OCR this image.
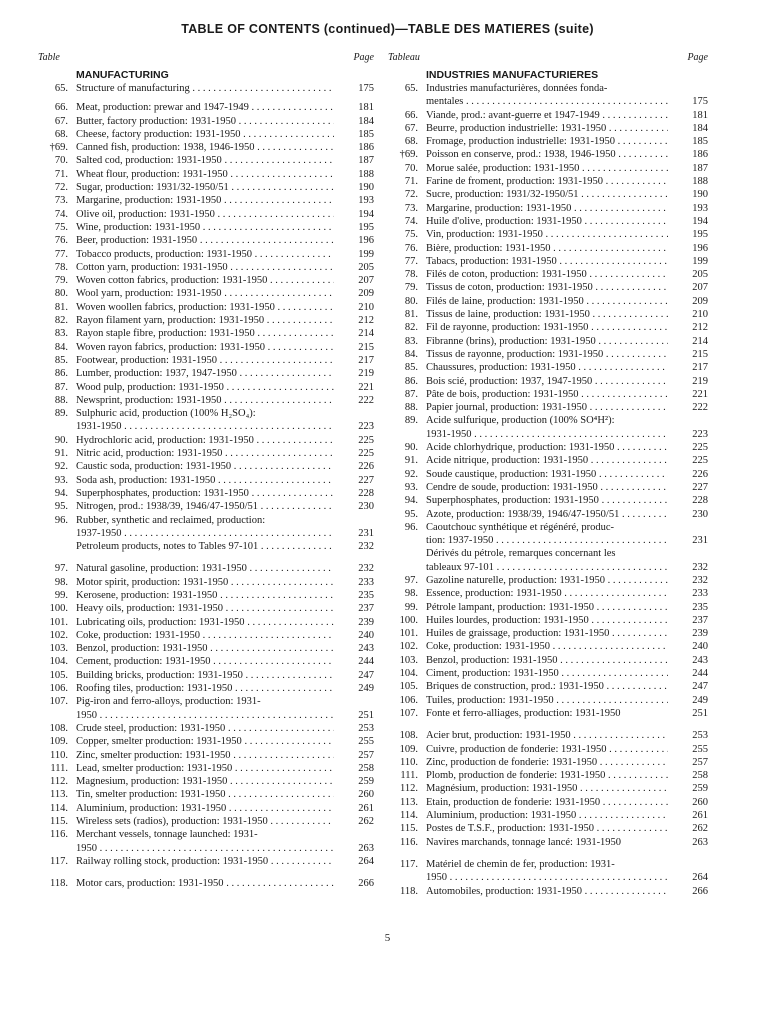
TABLE OF CONTENTS (continued)—TABLE DES MATIERES (suite)
Table	Page
MANUFACTURING
65. Structure of manufacturing . . .	175
66. Meat, production: prewar and 1947-1949 . . .	181
67. Butter, factory production: 1931-1950 . . .	184
68. Cheese, factory production: 1931-1950 . . .	185
†69. Canned fish, production: 1938, 1946-1950 . . .	186
70. Salted cod, production: 1931-1950 . . .	187
71. Wheat flour, production: 1931-1950 . . .	188
72. Sugar, production: 1931/32-1950/51 . . .	190
73. Margarine, production: 1931-1950 . . .	193
74. Olive oil, production: 1931-1950 . . .	194
75. Wine, production: 1931-1950 . . .	195
76. Beer, production: 1931-1950 . . .	196
77. Tobacco products, production: 1931-1950 . . .	199
78. Cotton yarn, production: 1931-1950 . . .	205
79. Woven cotton fabrics, production: 1931-1950 . . .	207
80. Wool yarn, production: 1931-1950 . . .	209
81. Woven woollen fabrics, production: 1931-1950 . . .	210
82. Rayon filament yarn, production: 1931-1950 . . .	212
83. Rayon staple fibre, production: 1931-1950 . . .	214
84. Woven rayon fabrics, production: 1931-1950 . . .	215
85. Footwear, production: 1931-1950 . . .	217
86. Lumber, production: 1937, 1947-1950 . . .	219
87. Wood pulp, production: 1931-1950 . . .	221
88. Newsprint, production: 1931-1950 . . .	222
89. Sulphuric acid, production (100% H₂SO₄):
1931-1950 . . .	223
90. Hydrochloric acid, production: 1931-1950 . . .	225
91. Nitric acid, production: 1931-1950 . . .	225
92. Caustic soda, production: 1931-1950 . . .	226
93. Soda ash, production: 1931-1950 . . .	227
94. Superphosphates, production: 1931-1950 . . .	228
95. Nitrogen, prod.: 1938/39, 1946/47-1950/51 . . .	230
96. Rubber, synthetic and reclaimed, production:
1937-1950 . . .	231
Petroleum products, notes to Tables 97-101 . . .	232
97. Natural gasoline, production: 1931-1950 . . .	232
98. Motor spirit, production: 1931-1950 . . .	233
99. Kerosene, production: 1931-1950 . . .	235
100. Heavy oils, production: 1931-1950 . . .	237
101. Lubricating oils, production: 1931-1950 . . .	239
102. Coke, production: 1931-1950 . . .	240
103. Benzol, production: 1931-1950 . . .	243
104. Cement, production: 1931-1950 . . .	244
105. Building bricks, production: 1931-1950 . . .	247
106. Roofing tiles, production: 1931-1950 . . .	249
107. Pig-iron and ferro-alloys, production: 1931-
1950 . . .	251
108. Crude steel, production: 1931-1950 . . .	253
109. Copper, smelter production: 1931-1950 . . .	255
110. Zinc, smelter production: 1931-1950 . . .	257
111. Lead, smelter production: 1931-1950 . . .	258
112. Magnesium, production: 1931-1950 . . .	259
113. Tin, smelter production: 1931-1950 . . .	260
114. Aluminium, production: 1931-1950 . . .	261
115. Wireless sets (radios), production: 1931-1950 . . .	262
116. Merchant vessels, tonnage launched: 1931-
1950 . . .	263
117. Railway rolling stock, production: 1931-1950 . . .	264
118. Motor cars, production: 1931-1950 . . .	266
Tableau	Page
INDUSTRIES MANUFACTURIERES
65. Industries manufacturières, données fonda-
mentales . . .	175
66. Viande, prod.: avant-guerre et 1947-1949 . . .	181
67. Beurre, production industrielle: 1931-1950 . . .	184
68. Fromage, production industrielle: 1931-1950 . . .	185
†69. Poisson en conserve, prod.: 1938, 1946-1950 . . .	186
70. Morue salée, production: 1931-1950 . . .	187
71. Farine de froment, production: 1931-1950 . . .	188
72. Sucre, production: 1931/32-1950/51 . . .	190
73. Margarine, production: 1931-1950 . . .	193
74. Huile d'olive, production: 1931-1950 . . .	194
75. Vin, production: 1931-1950 . . .	195
76. Bière, production: 1931-1950 . . .	196
77. Tabacs, production: 1931-1950 . . .	199
78. Filés de coton, production: 1931-1950 . . .	205
79. Tissus de coton, production: 1931-1950 . . .	207
80. Filés de laine, production: 1931-1950 . . .	209
81. Tissus de laine, production: 1931-1950 . . .	210
82. Fil de rayonne, production: 1931-1950 . . .	212
83. Fibranne (brins), production: 1931-1950 . . .	214
84. Tissus de rayonne, production: 1931-1950 . . .	215
85. Chaussures, production: 1931-1950 . . .	217
86. Bois scié, production: 1937, 1947-1950 . . .	219
87. Pâte de bois, production: 1931-1950 . . .	221
88. Papier journal, production: 1931-1950 . . .	222
89. Acide sulfurique, production (100% SO⁴H²):
1931-1950 . . .	223
90. Acide chlorhydrique, production: 1931-1950 . . .	225
91. Acide nitrique, production: 1931-1950 . . .	225
92. Soude caustique, production: 1931-1950 . . .	226
93. Cendre de soude, production: 1931-1950 . . .	227
94. Superphosphates, production: 1931-1950 . . .	228
95. Azote, production: 1938/39, 1946/47-1950/51 . . .	230
96. Caoutchouc synthétique et régénéré, produc-
tion: 1937-1950 . . .	231
Dérivés du pétrole, remarques concernant les
tableaux 97-101 . . .	232
97. Gazoline naturelle, production: 1931-1950 . . .	232
98. Essence, production: 1931-1950 . . .	233
99. Pétrole lampant, production: 1931-1950 . . .	235
100. Huiles lourdes, production: 1931-1950 . . .	237
101. Huiles de graissage, production: 1931-1950 . . .	239
102. Coke, production: 1931-1950 . . .	240
103. Benzol, production: 1931-1950 . . .	243
104. Ciment, production: 1931-1950 . . .	244
105. Briques de construction, prod.: 1931-1950 . . .	247
106. Tuiles, production: 1931-1950 . . .	249
107. Fonte et ferro-alliages, production: 1931-1950	251
108. Acier brut, production: 1931-1950 . . .	253
109. Cuivre, production de fonderie: 1931-1950 . . .	255
110. Zinc, production de fonderie: 1931-1950 . . .	257
111. Plomb, production de fonderie: 1931-1950 . . .	258
112. Magnésium, production: 1931-1950 . . .	259
113. Etain, production de fonderie: 1931-1950 . . .	260
114. Aluminium, production: 1931-1950 . . .	261
115. Postes de T.S.F., production: 1931-1950 . . .	262
116. Navires marchands, tonnage lancé: 1931-1950	263
117. Matériel de chemin de fer, production: 1931-
1950 . . .	264
118. Automobiles, production: 1931-1950 . . .	266
5
